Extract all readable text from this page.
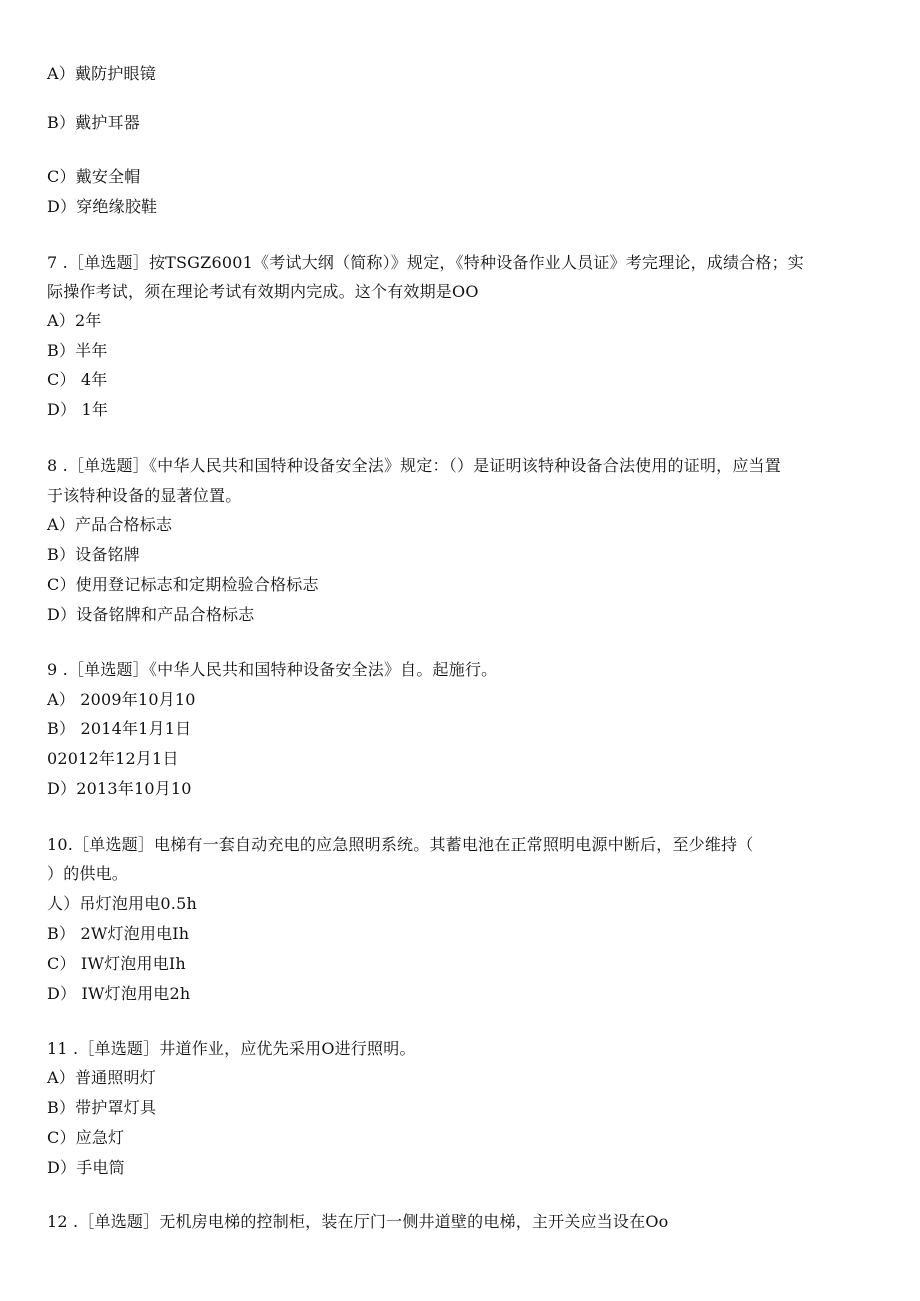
A）戴防护眼镜
B）戴护耳器
C）戴安全帽
D）穿绝缘胶鞋
7 .［单选题］按TSGZ6001《考试大纲（简称）》规定，《特种设备作业人员证》考完理论，成绩合格；实
际操作考试，须在理论考试有效期内完成。这个有效期是OO
A）2年
B）半年
C） 4年
D） 1年
8 .［单选题］《中华人民共和国特种设备安全法》规定：（）是证明该特种设备合法使用的证明，应当置
于该特种设备的显著位置。
A）产品合格标志
B）设备铭牌
C）使用登记标志和定期检验合格标志
D）设备铭牌和产品合格标志
9 .［单选题］《中华人民共和国特种设备安全法》自。起施行。
A） 2009年10月10
B） 2014年1月1日
02012年12月1日
D）2013年10月10
10.［单选题］电梯有一套自动充电的应急照明系统。其蓄电池在正常照明电源中断后，至少维持（
）的供电。
人）吊灯泡用电0.5h
B） 2W灯泡用电Ih
C） IW灯泡用电Ih
D） IW灯泡用电2h
11 .［单选题］井道作业，应优先采用O进行照明。
A）普通照明灯
B）带护罩灯具
C）应急灯
D）手电筒
12 .［单选题］无机房电梯的控制柜，装在厅门一侧井道壁的电梯，主开关应当设在Oo
